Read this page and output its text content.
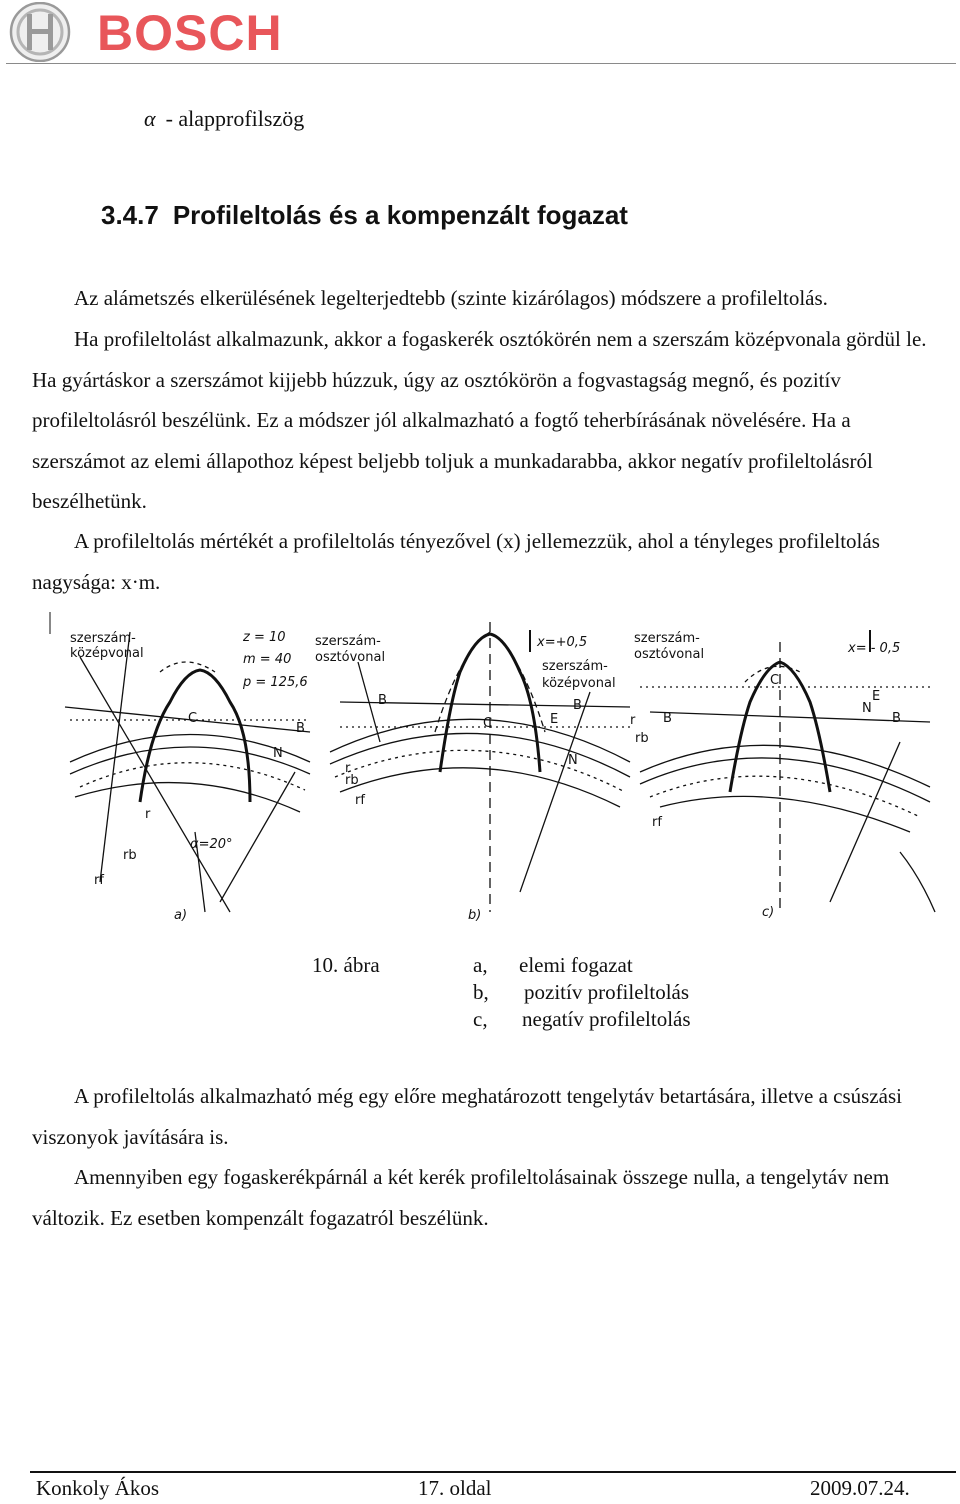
BOSCH
α - alapprofilszög
3.4.7 Profileltolás és a kompenzált fogazat

Az alámetszés elkerülésének legelterjedtebb (szinte kizárólagos) módszere a profileltolás.

Ha profileltolást alkalmazunk, akkor a fogaskerék osztókörén nem a szerszám középvonala gördül le. Ha gyártáskor a szerszámot kijjebb húzzuk, úgy az osztókörön a fogvastagság megnő, és pozitív profileltolásról beszélünk. Ez a módszer jól alkalmazható a fogtő teherbírásának növelésére. Ha a szerszámot az elemi állapothoz képest beljebb toljuk a munkadarabba, akkor negatív profileltolásról beszélhetünk.

A profileltolás mértékét a profileltolás tényezővel (x) jellemezzük, ahol a tényleges profileltolás nagysága: x·m.

szerszám-
középvonal
z = 10
m = 40
p = 125,6
α=20°
a)
C
B
N
r
rb
rf
szerszám-
osztóvonal
x=+0,5
szerszám-
középvonal
b)
C
B	B
N
E
r
rb
rf
szerszám-
osztóvonal	x= - 0,5
c)
C
B	B
N
E
r
rb
rf
10. ábra	a, elemi fogazat
b, pozitív profileltolás
c, negatív profileltolás

A profileltolás alkalmazható még egy előre meghatározott tengelytáv betartására, illetve a csúszási viszonyok javítására is.

Amennyiben egy fogaskerékpárnál a két kerék profileltolásainak összege nulla, a tengelytáv nem változik. Ez esetben kompenzált fogazatról beszélünk.

Konkoly Ákos	17. oldal	2009.07.24.
